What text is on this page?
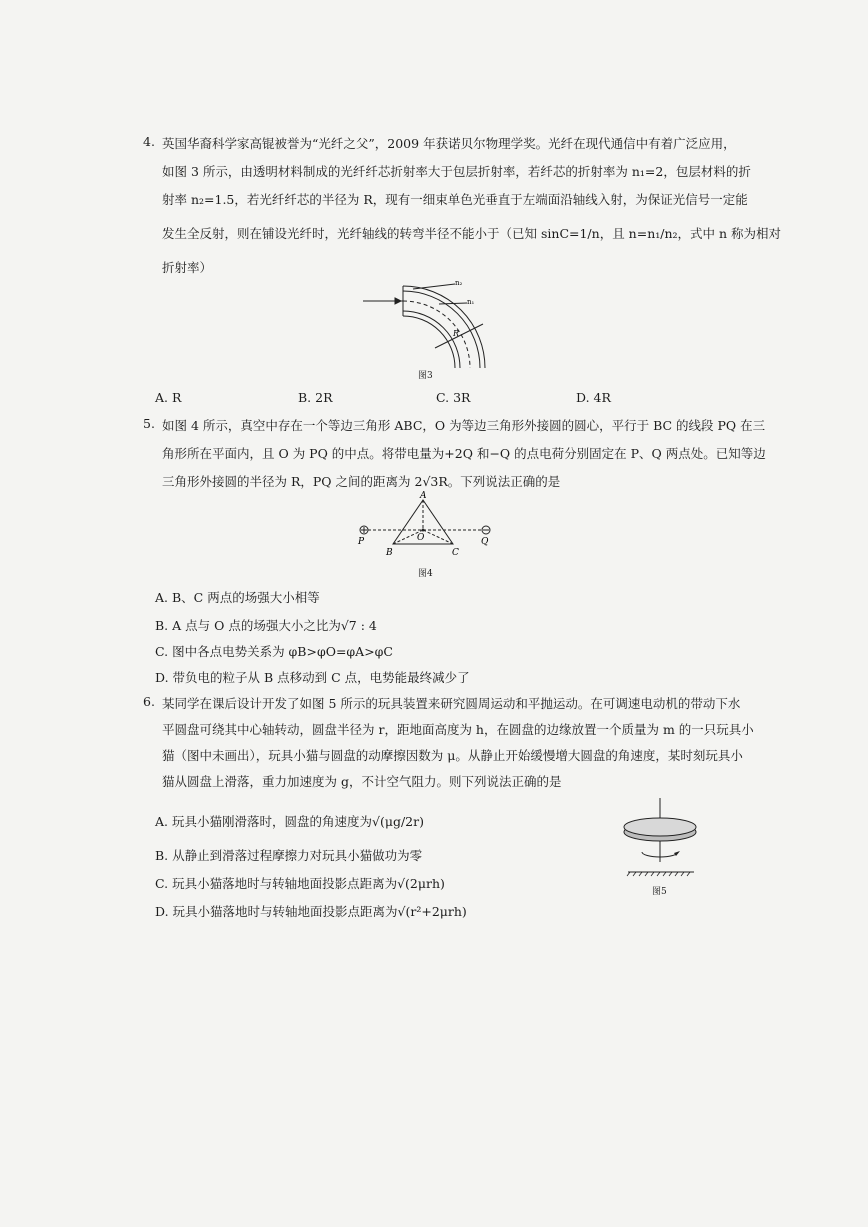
4. 英国华裔科学家高锟被誉为“光纤之父”，2009 年获诺贝尔物理学奖。光纤在现代通信中有着广泛应用，
如图 3 所示，由透明材料制成的光纤纤芯折射率大于包层折射率，若纤芯的折射率为 n₁=2，包层材料的折
射率 n₂=1.5，若光纤纤芯的半径为 R，现有一细束单色光垂直于左端面沿轴线入射，为保证光信号一定能
发生全反射，则在铺设光纤时，光纤轴线的转弯半径不能小于（已知 sinC=1/n，且 n=n₁/n₂，式中 n 称为相对
折射率）
n₂
n₁
R
图3
A. R	B. 2R	C. 3R	D. 4R
5. 如图 4 所示，真空中存在一个等边三角形 ABC，O 为等边三角形外接圆的圆心，平行于 BC 的线段 PQ 在三
角形所在平面内，且 O 为 PQ 的中点。将带电量为+2Q 和−Q 的点电荷分别固定在 P、Q 两点处。已知等边
三角形外接圆的半径为 R，PQ 之间的距离为 2√3R。下列说法正确的是
A
B	C
O
P	Q
图4
A. B、C 两点的场强大小相等
B. A 点与 O 点的场强大小之比为√7 : 4
C. 图中各点电势关系为 φB>φO=φA>φC
D. 带负电的粒子从 B 点移动到 C 点，电势能最终减少了
6. 某同学在课后设计开发了如图 5 所示的玩具装置来研究圆周运动和平抛运动。在可调速电动机的带动下水
平圆盘可绕其中心轴转动，圆盘半径为 r，距地面高度为 h，在圆盘的边缘放置一个质量为 m 的一只玩具小
猫（图中未画出），玩具小猫与圆盘的动摩擦因数为 μ。从静止开始缓慢增大圆盘的角速度，某时刻玩具小
猫从圆盘上滑落，重力加速度为 g，不计空气阻力。则下列说法正确的是
A. 玩具小猫刚滑落时，圆盘的角速度为√(μg/2r)
B. 从静止到滑落过程摩擦力对玩具小猫做功为零
C. 玩具小猫落地时与转轴地面投影点距离为√(2μrh)
D. 玩具小猫落地时与转轴地面投影点距离为√(r²+2μrh)
图5
